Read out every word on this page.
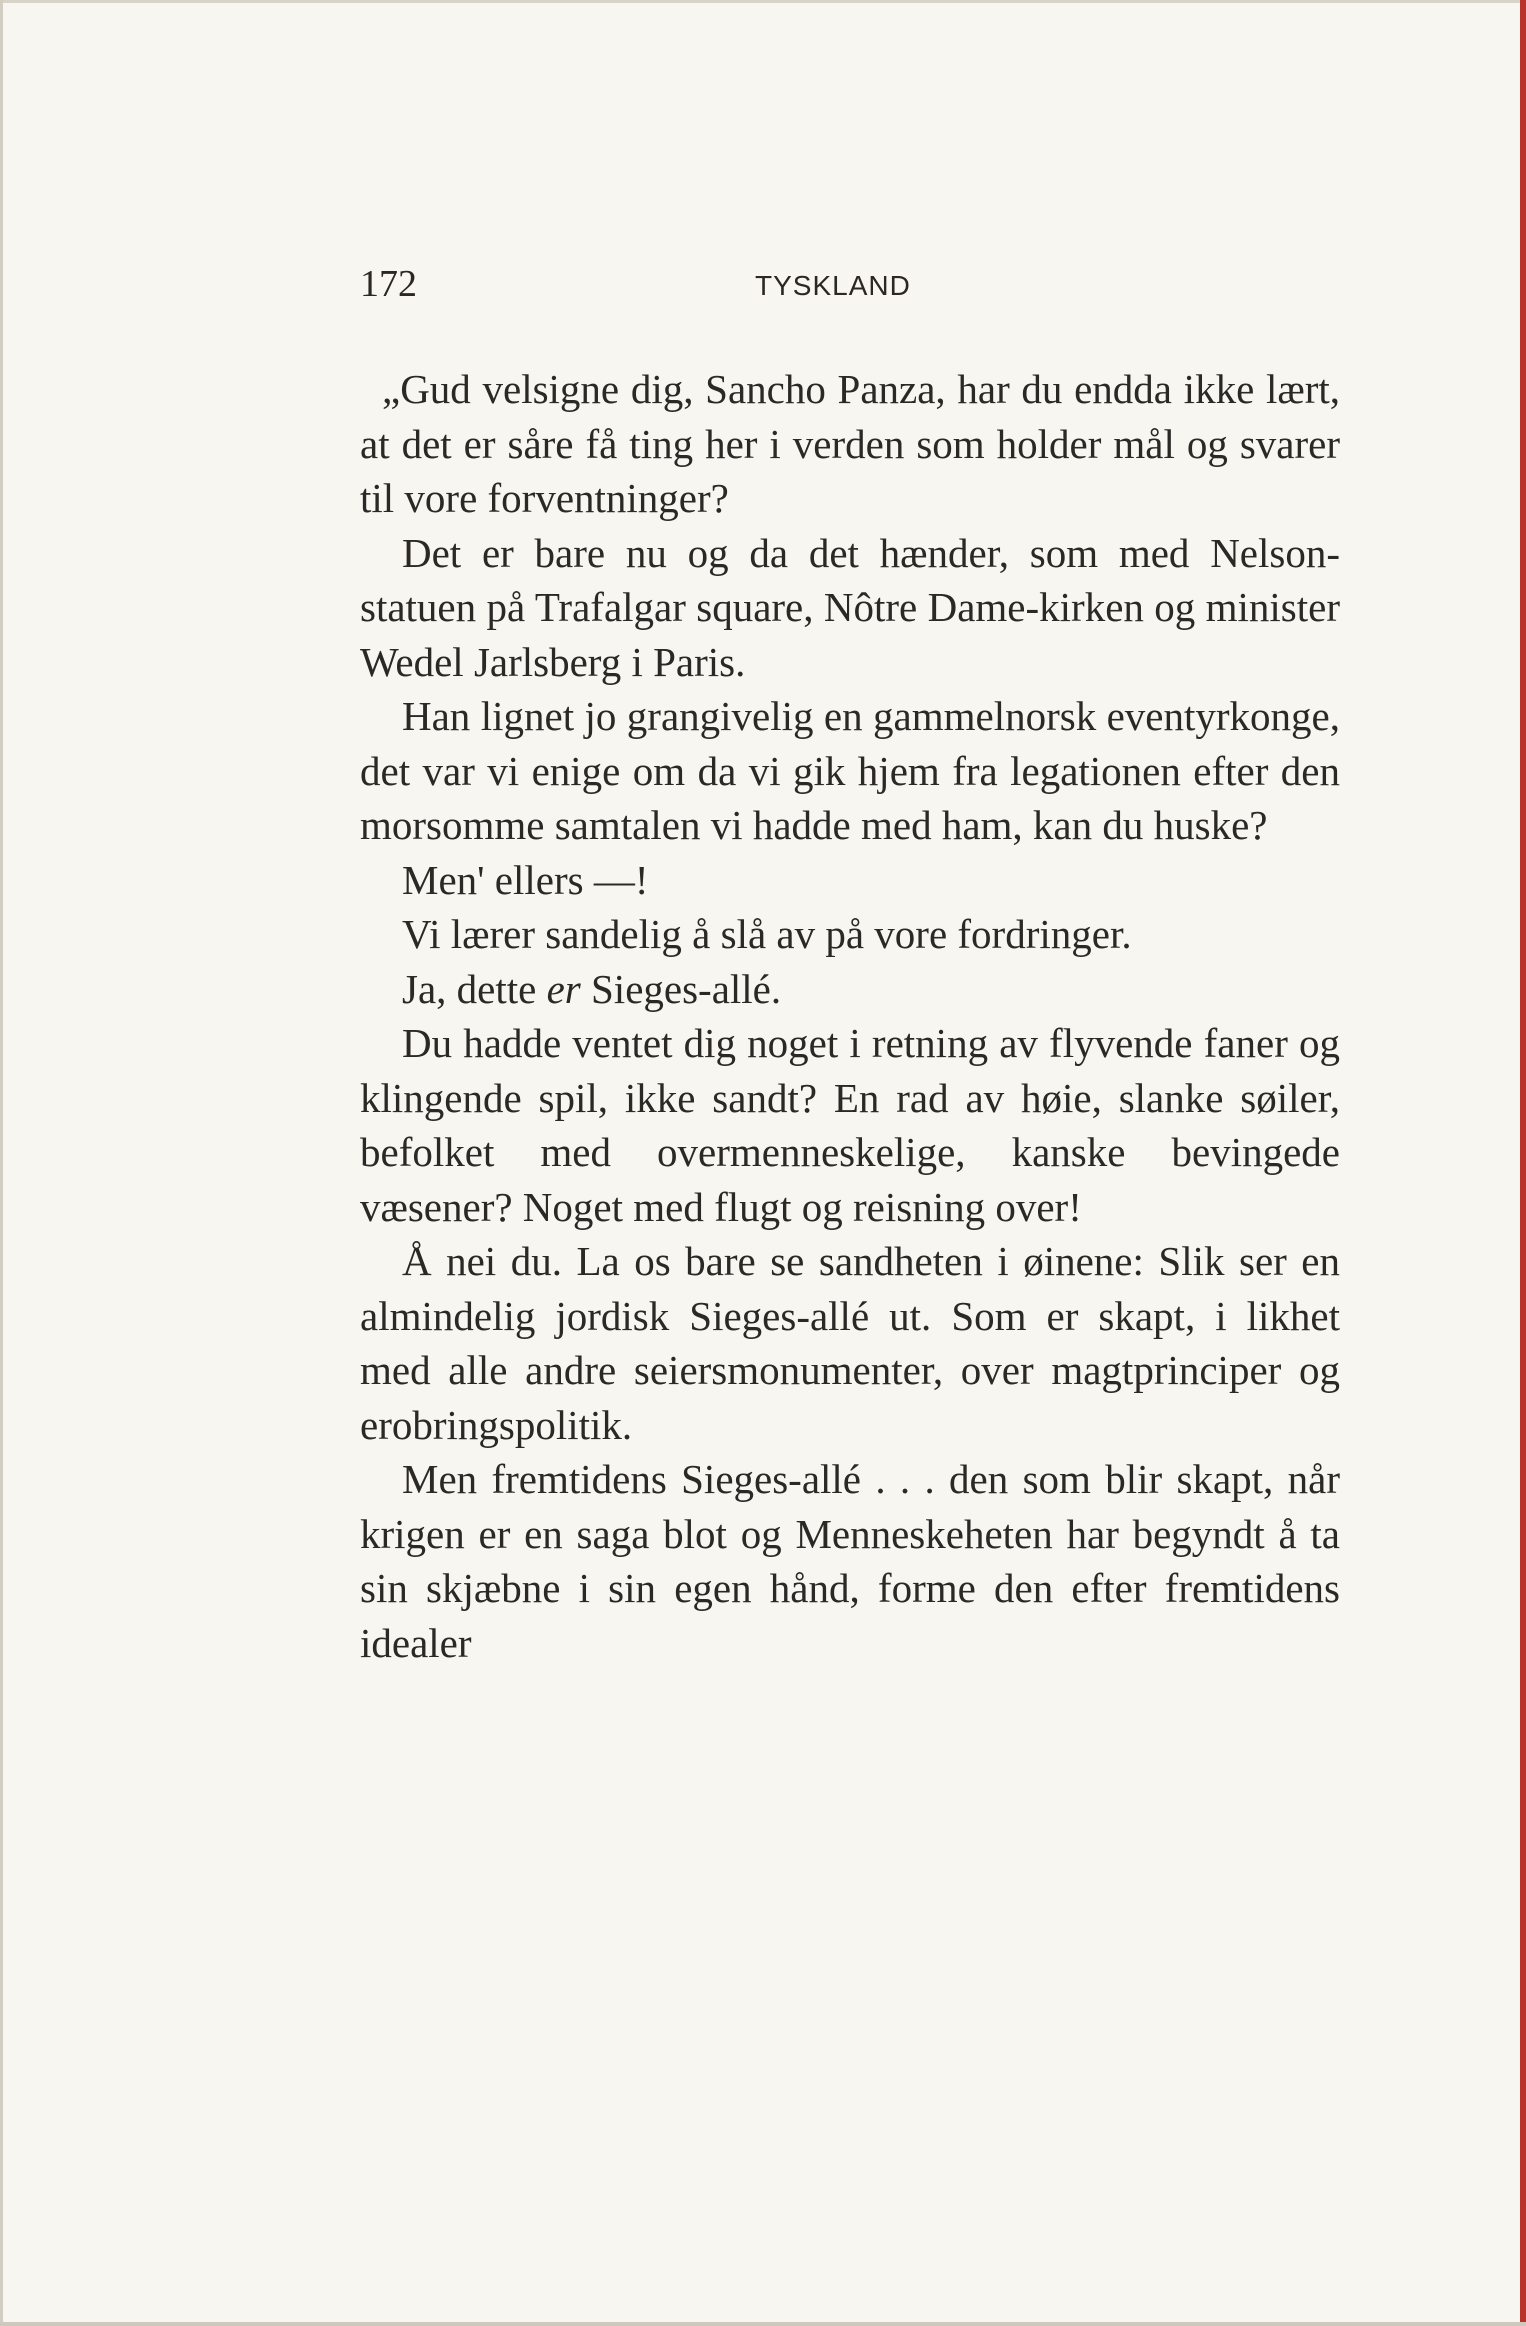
172	TYSKLAND

„Gud velsigne dig, Sancho Panza, har du endda ikke lært, at det er såre få ting her i verden som holder mål og svarer til vore forventninger?

Det er bare nu og da det hænder, som med Nelson-statuen på Trafalgar square, Nôtre Dame-kirken og minister Wedel Jarlsberg i Paris.

Han lignet jo grangivelig en gammelnorsk eventyrkonge, det var vi enige om da vi gik hjem fra legationen efter den morsomme samtalen vi hadde med ham, kan du huske?

Men' ellers —!

Vi lærer sandelig å slå av på vore fordringer.

Ja, dette er Sieges-allé.

Du hadde ventet dig noget i retning av flyvende faner og klingende spil, ikke sandt? En rad av høie, slanke søiler, befolket med overmenneskelige, kanske bevingede væsener? Noget med flugt og reisning over!

Å nei du. La os bare se sandheten i øinene: Slik ser en almindelig jordisk Sieges-allé ut. Som er skapt, i likhet med alle andre seiersmonumenter, over magtprinciper og erobringspolitik.

Men fremtidens Sieges-allé . . . den som blir skapt, når krigen er en saga blot og Menneskeheten har begyndt å ta sin skjæbne i sin egen hånd, forme den efter fremtidens idealer
